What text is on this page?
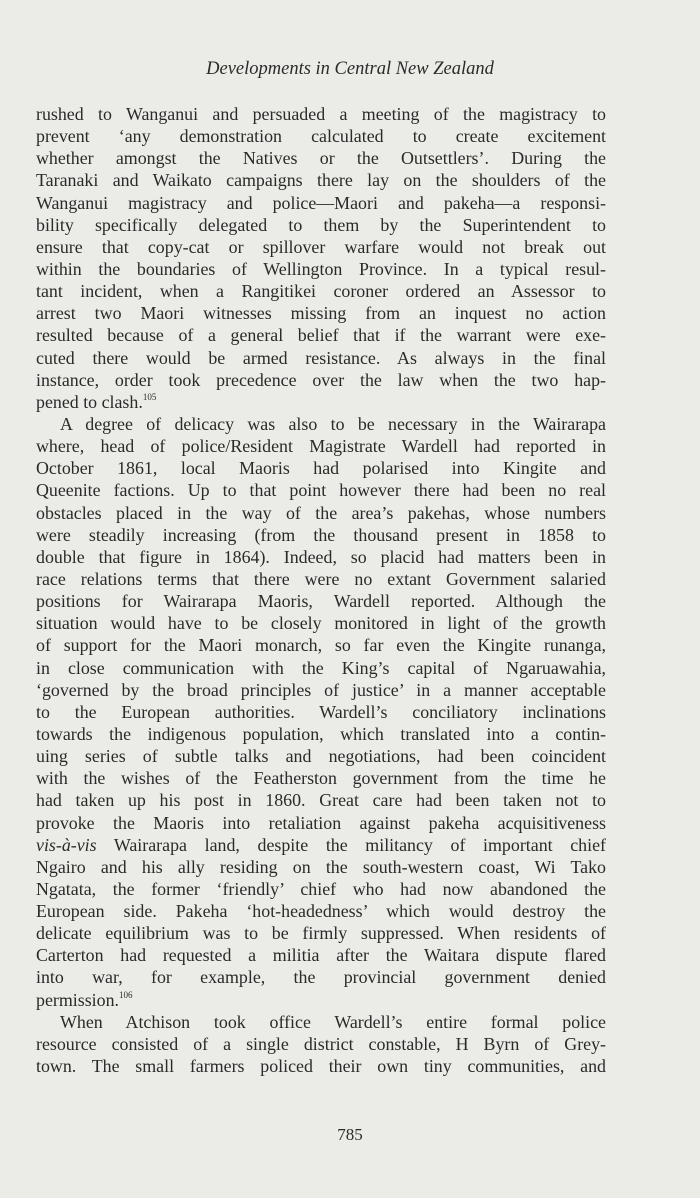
Developments in Central New Zealand
rushed to Wanganui and persuaded a meeting of the magistracy to
prevent ‘any demonstration calculated to create excitement
whether amongst the Natives or the Outsettlers’. During the
Taranaki and Waikato campaigns there lay on the shoulders of the
Wanganui magistracy and police—Maori and pakeha—a responsi-
bility specifically delegated to them by the Superintendent to
ensure that copy-cat or spillover warfare would not break out
within the boundaries of Wellington Province. In a typical resul-
tant incident, when a Rangitikei coroner ordered an Assessor to
arrest two Maori witnesses missing from an inquest no action
resulted because of a general belief that if the warrant were exe-
cuted there would be armed resistance. As always in the final
instance, order took precedence over the law when the two hap-
pened to clash.$^{105}$
A degree of delicacy was also to be necessary in the Wairarapa
where, head of police/Resident Magistrate Wardell had reported in
October 1861, local Maoris had polarised into Kingite and
Queenite factions. Up to that point however there had been no real
obstacles placed in the way of the area’s pakehas, whose numbers
were steadily increasing (from the thousand present in 1858 to
double that figure in 1864). Indeed, so placid had matters been in
race relations terms that there were no extant Government salaried
positions for Wairarapa Maoris, Wardell reported. Although the
situation would have to be closely monitored in light of the growth
of support for the Maori monarch, so far even the Kingite runanga,
in close communication with the King’s capital of Ngaruawahia,
‘governed by the broad principles of justice’ in a manner acceptable
to the European authorities. Wardell’s conciliatory inclinations
towards the indigenous population, which translated into a contin-
uing series of subtle talks and negotiations, had been coincident
with the wishes of the Featherston government from the time he
had taken up his post in 1860. Great care had been taken not to
provoke the Maoris into retaliation against pakeha acquisitiveness
vis-à-vis Wairarapa land, despite the militancy of important chief
Ngairo and his ally residing on the south-western coast, Wi Tako
Ngatata, the former ‘friendly’ chief who had now abandoned the
European side. Pakeha ‘hot-headedness’ which would destroy the
delicate equilibrium was to be firmly suppressed. When residents of
Carterton had requested a militia after the Waitara dispute flared
into war, for example, the provincial government denied
permission.$^{106}$
When Atchison took office Wardell’s entire formal police
resource consisted of a single district constable, H Byrn of Grey-
town. The small farmers policed their own tiny communities, and
785
